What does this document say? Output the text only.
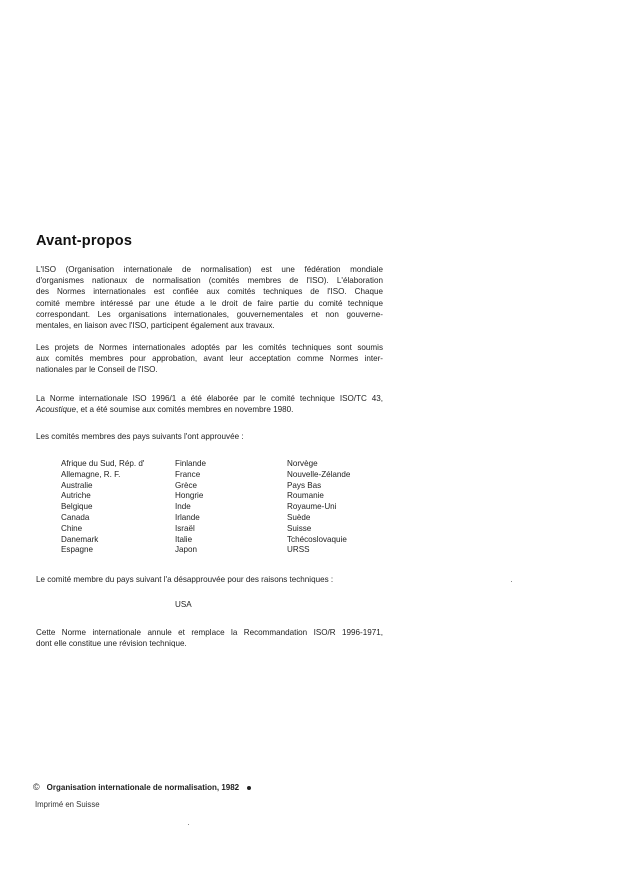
Avant-propos

L'ISO (Organisation internationale de normalisation) est une fédération mondiale
d'organismes nationaux de normalisation (comités membres de l'ISO). L'élaboration
des Normes internationales est confiée aux comités techniques de l'ISO. Chaque
comité membre intéressé par une étude a le droit de faire partie du comité technique
correspondant. Les organisations internationales, gouvernementales et non gouverne-
mentales, en liaison avec l'ISO, participent également aux travaux.

Les projets de Normes internationales adoptés par les comités techniques sont soumis
aux comités membres pour approbation, avant leur acceptation comme Normes inter-
nationales par le Conseil de l'ISO.

La Norme internationale ISO 1996/1 a été élaborée par le comité technique ISO/TC 43,
Acoustique, et a été soumise aux comités membres en novembre 1980.

Les comités membres des pays suivants l'ont approuvée :

Afrique du Sud, Rép. d'
Allemagne, R. F.
Australie
Autriche
Belgique
Canada
Chine
Danemark
Espagne
Finlande
France
Grèce
Hongrie
Inde
Irlande
Israël
Italie
Japon
Norvège
Nouvelle-Zélande
Pays Bas
Roumanie
Royaume-Uni
Suède
Suisse
Tchécoslovaquie
URSS

Le comité membre du pays suivant l'a désapprouvée pour des raisons techniques :

USA

Cette Norme internationale annule et remplace la Recommandation ISO/R 1996-1971,
dont elle constitue une révision technique.

© Organisation internationale de normalisation, 1982
Imprimé en Suisse
